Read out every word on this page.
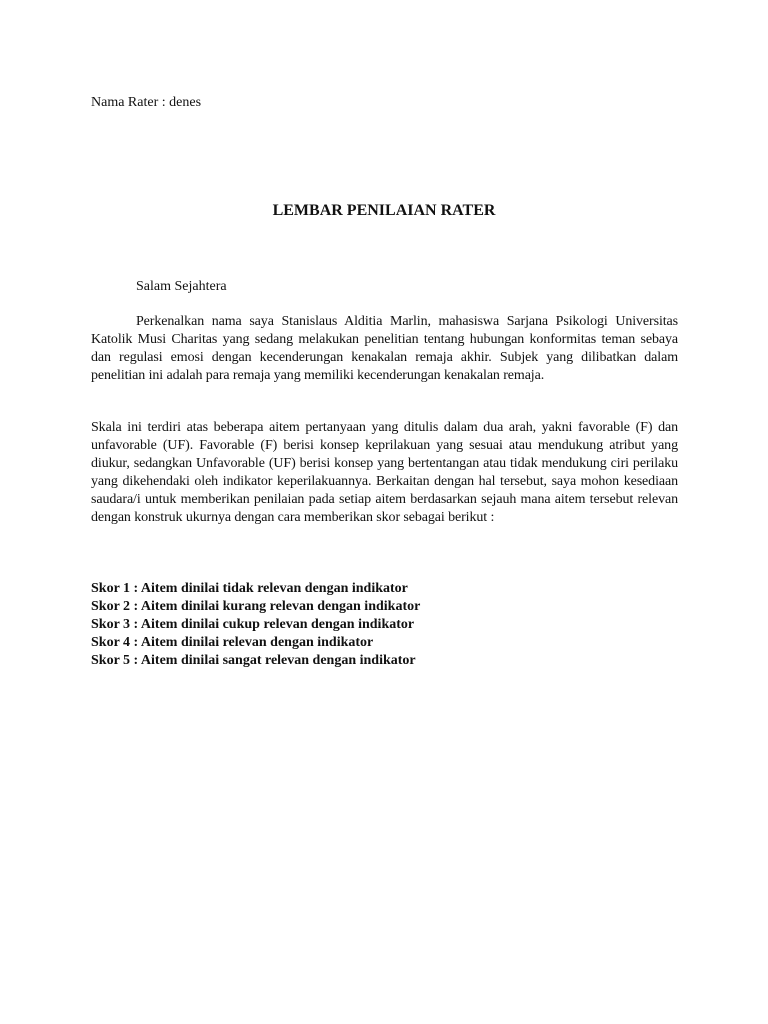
Nama Rater : denes
LEMBAR PENILAIAN RATER
Salam Sejahtera

Perkenalkan nama saya Stanislaus Alditia Marlin, mahasiswa Sarjana Psikologi Universitas Katolik Musi Charitas yang sedang melakukan penelitian tentang hubungan konformitas teman sebaya dan regulasi emosi dengan kecenderungan kenakalan remaja akhir. Subjek yang dilibatkan dalam penelitian ini adalah para remaja yang memiliki kecenderungan kenakalan remaja.

Skala ini terdiri atas beberapa aitem pertanyaan yang ditulis dalam dua arah, yakni favorable (F) dan unfavorable (UF). Favorable (F) berisi konsep keprilakuan yang sesuai atau mendukung atribut yang diukur, sedangkan Unfavorable (UF) berisi konsep yang bertentangan atau tidak mendukung ciri perilaku yang dikehendaki oleh indikator keperilakuannya. Berkaitan dengan hal tersebut, saya mohon kesediaan saudara/i untuk memberikan penilaian pada setiap aitem berdasarkan sejauh mana aitem tersebut relevan dengan konstruk ukurnya dengan cara memberikan skor sebagai berikut :

Skor 1 : Aitem dinilai tidak relevan dengan indikator
Skor 2 : Aitem dinilai kurang relevan dengan indikator
Skor 3 : Aitem dinilai cukup relevan dengan indikator
Skor 4 : Aitem dinilai relevan dengan indikator
Skor 5 : Aitem dinilai sangat relevan dengan indikator
